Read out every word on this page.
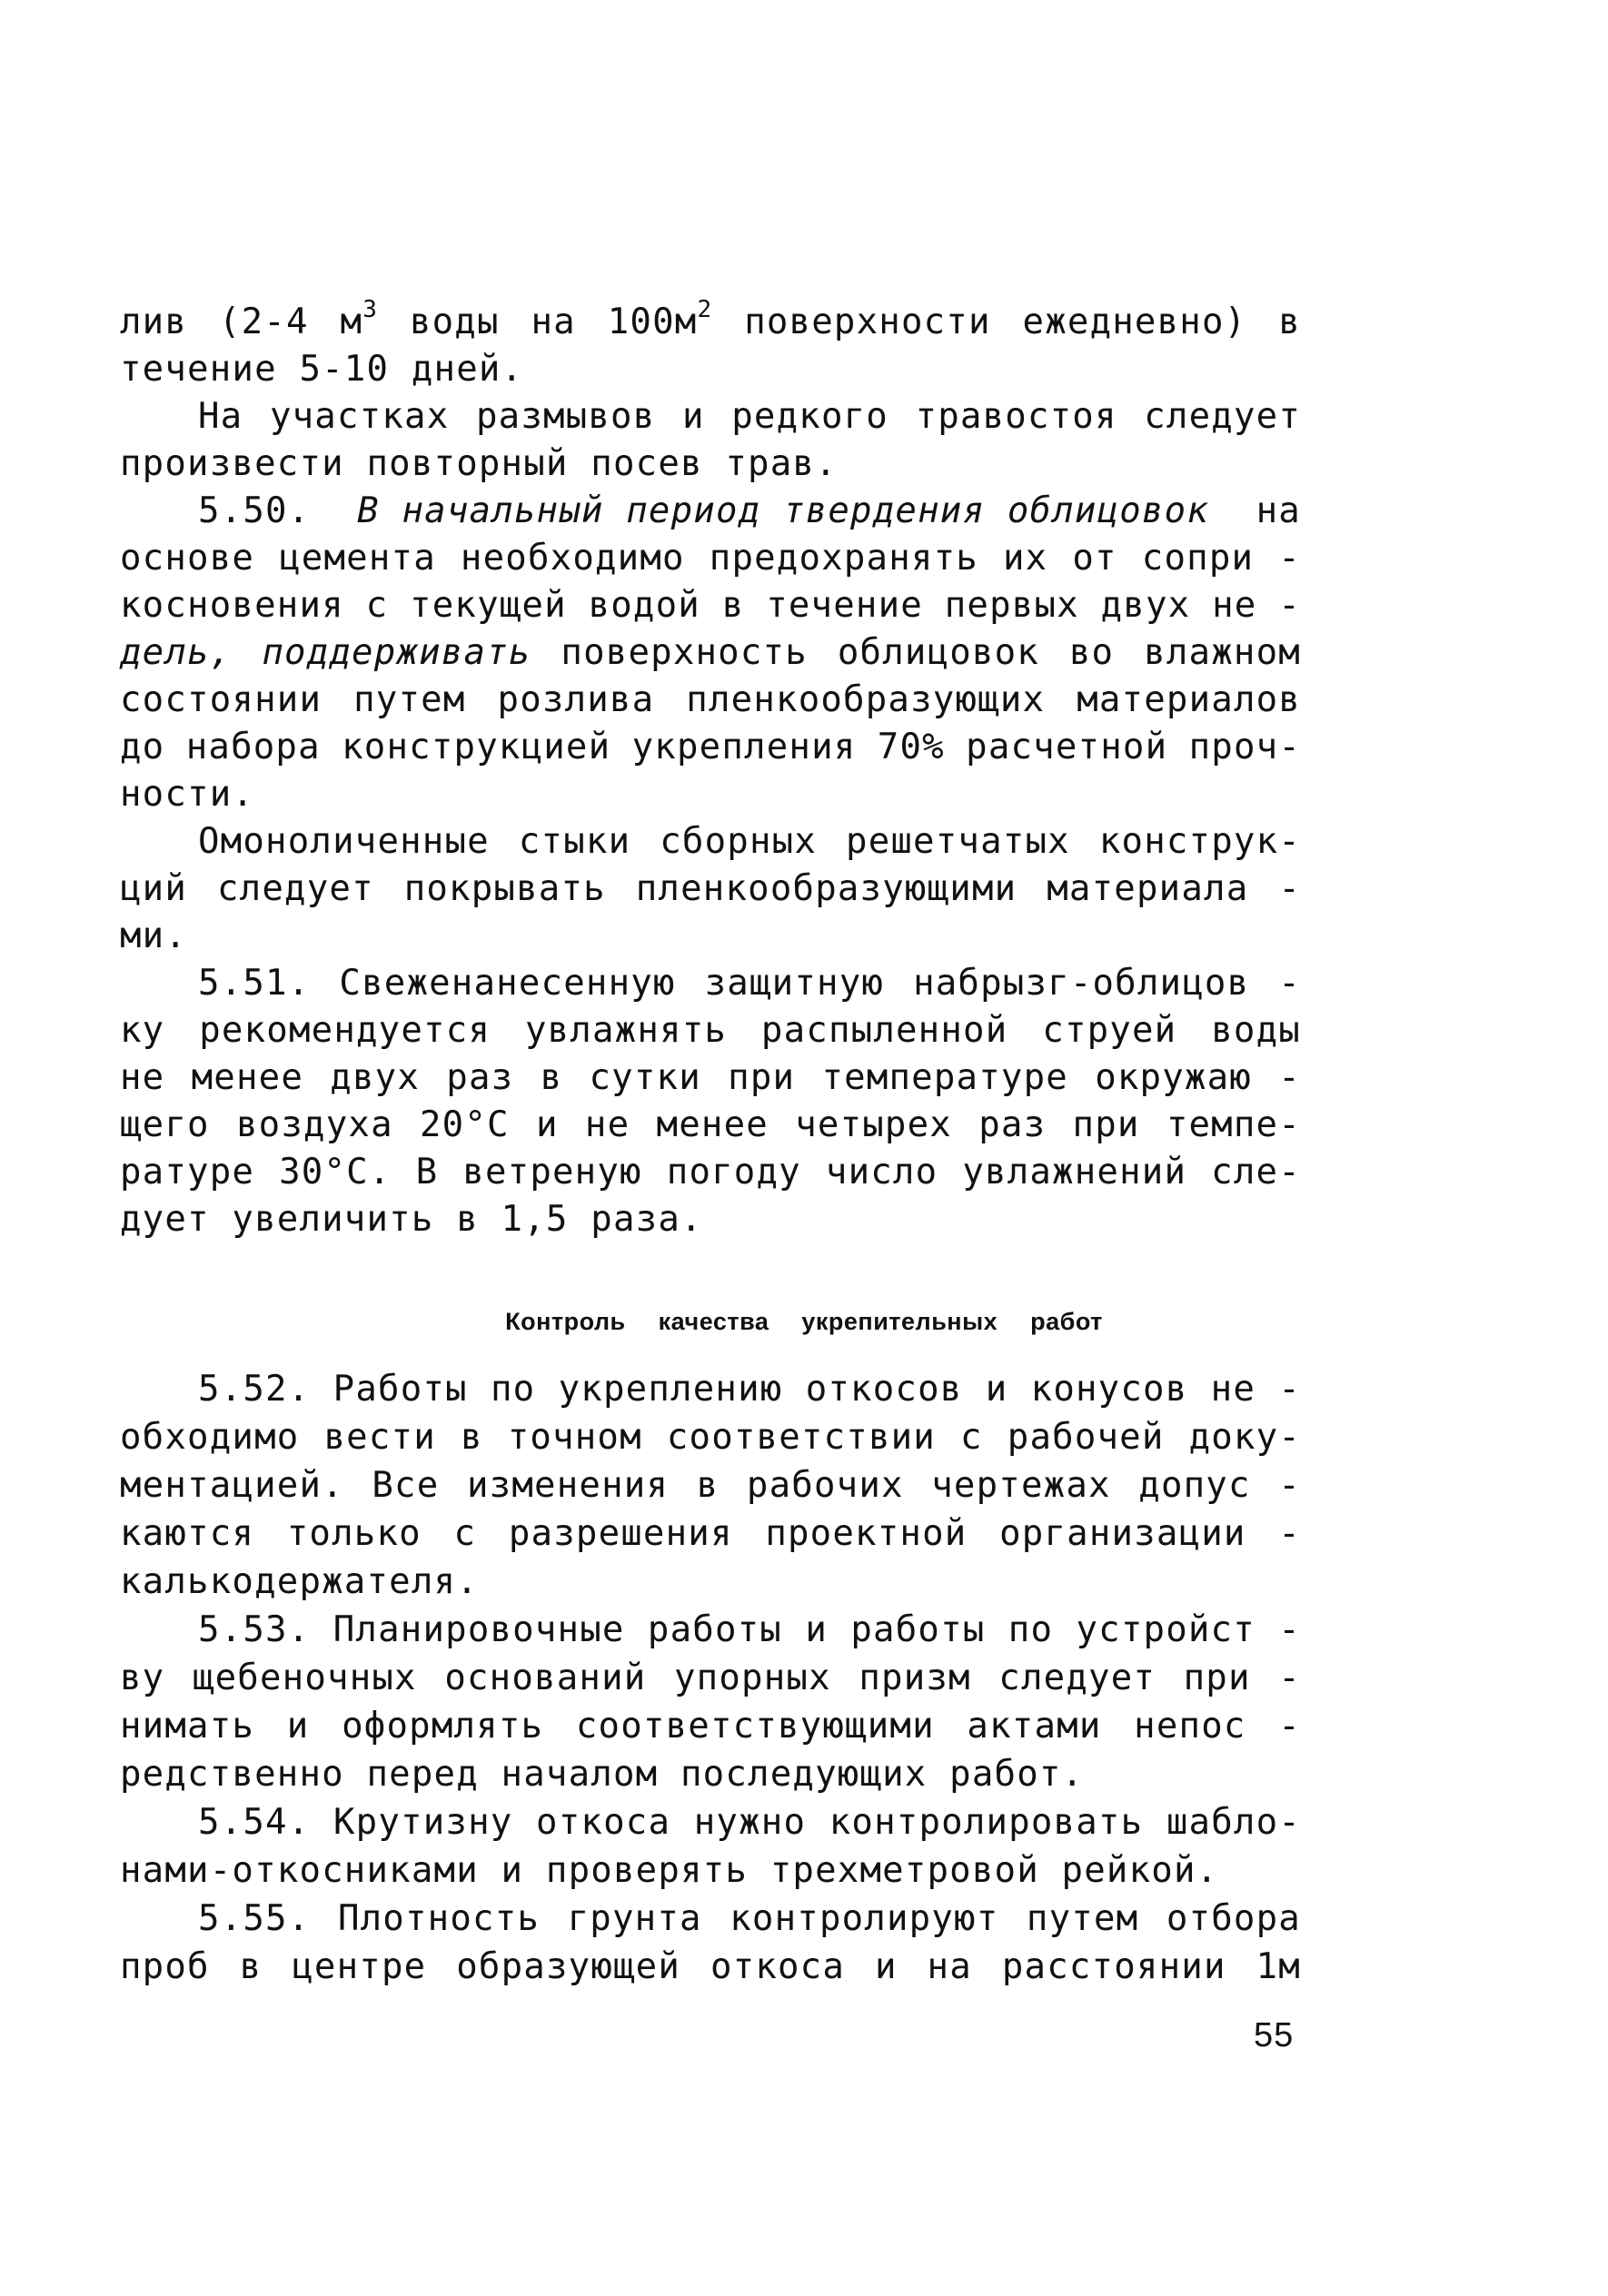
лив (2-4 $м^3$ воды на $100м^2$ поверхности ежедневно) в
течение 5-10 дней.
На участках размывов и редкого травостоя следует
произвести повторный посев трав.
5.50. В начальный период твердения облицовок на
основе цемента необходимо предохранять их от сопри -
косновения с текущей водой в течение первых двух не -
дель, поддерживать поверхность облицовок во влажном
состоянии путем розлива пленкообразующих материалов
до набора конструкцией укрепления 70% расчетной проч-
ности.
Омоноличенные стыки сборных решетчатых конструк-
ций следует покрывать пленкообразующими материала -
ми.
5.51. Свеженанесенную защитную набрызг-облицов -
ку рекомендуется увлажнять распыленной струей воды
не менее двух раз в сутки при температуре окружаю -
щего воздуха 20°С и не менее четырех раз при темпе-
ратуре 30°С. В ветреную погоду число увлажнений сле-
дует увеличить в 1,5 раза.
Контроль качества укрепительных работ
5.52. Работы по укреплению откосов и конусов не -
обходимо вести в точном соответствии с рабочей доку-
ментацией. Все изменения в рабочих чертежах допус -
каются только с разрешения проектной организации -
калькодержателя.
5.53. Планировочные работы и работы по устройст -
ву щебеночных оснований упорных призм следует при -
нимать и оформлять соответствующими актами непос -
редственно перед началом последующих работ.
5.54. Крутизну откоса нужно контролировать шабло-
нами-откосниками и проверять трехметровой рейкой.
5.55. Плотность грунта контролируют путем отбора
проб в центре образующей откоса и на расстоянии 1м
55
